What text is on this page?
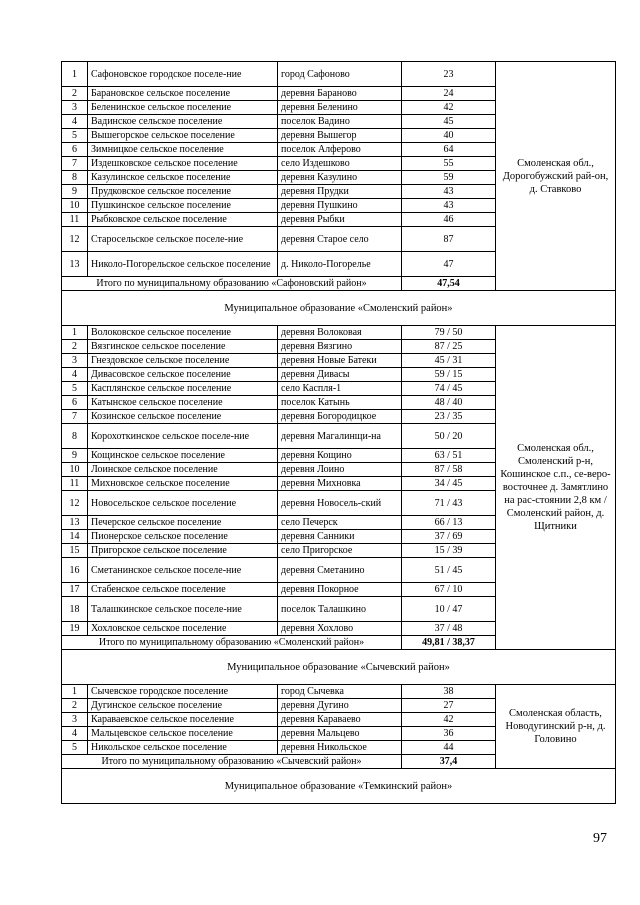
1	Сафоновское городское поселе-ние	город Сафоново	23	Смоленская обл., Дорогобужский рай-он, д. Ставково
2	Барановское сельское поселение	деревня Бараново	24	
3	Беленинское сельское поселение	деревня Беленино	42	
4	Вадинское сельское поселение	поселок Вадино	45	
5	Вышегорское сельское поселение	деревня Вышегор	40	
6	Зимницкое сельское поселение	поселок Алферово	64	
7	Издешковское сельское поселение	село Издешково	55	
8	Казулинское сельское поселение	деревня Казулино	59	
9	Прудковское сельское поселение	деревня Прудки	43	
10	Пушкинское сельское поселение	деревня Пушкино	43	
11	Рыбковское сельское поселение	деревня Рыбки	46	
12	Старосельское сельское поселе-ние	деревня Старое село	87	
13	Николо-Погорельское сельское поселение	д. Николо-Погорелье	47	
Итого по муниципальному образованию «Сафоновский район»			47,54	
Муниципальное образование «Смоленский район»				
1	Волоковское сельское поселение	деревня Волоковая	79 / 50	Смоленская обл., Смоленский р-н, Кошинское с.п., се-веро-восточнее д. Замятлино на рас-стоянии 2,8 км / Смоленский район, д. Щитники
2	Вязгинское сельское поселение	деревня Вязгино	87 / 25	
3	Гнездовское сельское поселение	деревня Новые Батеки	45 / 31	
4	Дивасовское сельское поселение	деревня Дивасы	59 / 15	
5	Касплянское сельское поселение	село Каспля-1	74 / 45	
6	Катынское сельское поселение	поселок Катынь	48 / 40	
7	Козинское сельское поселение	деревня Богородицкое	23 / 35	
8	Корохоткинское сельское поселе-ние	деревня Магалинщи-на	50 / 20	
9	Кощинское сельское поселение	деревня Кощино	63 / 51	
10	Лоинское сельское поселение	деревня Лоино	87 / 58	
11	Михновское сельское поселение	деревня Михновка	34 / 45	
12	Новосельское сельское поселение	деревня Новосель-ский	71 / 43	
13	Печерское сельское поселение	село Печерск	66 / 13	
14	Пионерское сельское поселение	деревня Санники	37 / 69	
15	Пригорское сельское поселение	село Пригорское	15 / 39	
16	Сметанинское сельское поселе-ние	деревня Сметанино	51 / 45	
17	Стабенское сельское поселение	деревня Покорное	67 / 10	
18	Талашкинское сельское поселе-ние	поселок Талашкино	10 / 47	
19	Хохловское сельское поселение	деревня Хохлово	37 / 48	
Итого по муниципальному образованию «Смоленский район»			49,81 / 38,37	
Муниципальное образование «Сычевский район»				
1	Сычевское городское поселение	город Сычевка	38	Смоленская область, Новодугинский р-н, д. Головино
2	Дугинское сельское поселение	деревня Дугино	27	
3	Караваевское сельское поселение	деревня Караваево	42	
4	Мальцевское сельское поселение	деревня Мальцево	36	
5	Никольское сельское поселение	деревня Никольское	44	
Итого по муниципальному образованию «Сычевский район»			37,4	
Муниципальное образование «Темкинский район»				
97
